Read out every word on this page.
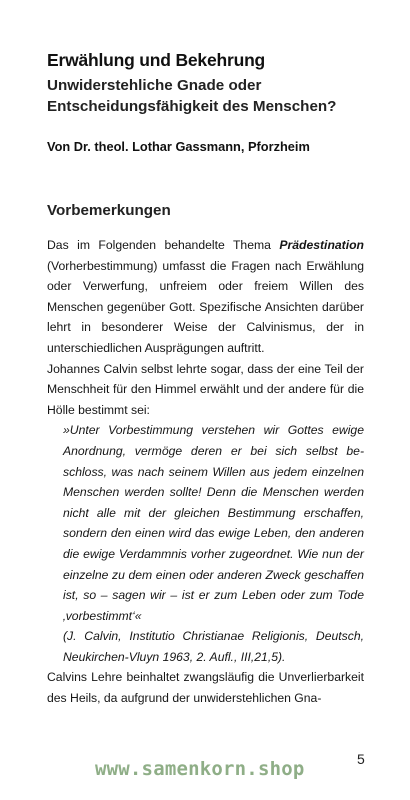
Erwählung und Bekehrung
Unwiderstehliche Gnade oder Entscheidungsfähigkeit des Menschen?

Von Dr. theol. Lothar Gassmann, Pforzheim

Vorbemerkungen

Das im Folgenden behandelte Thema Prädestination (Vorherbestimmung) umfasst die Fragen nach Erwählung oder Verwerfung, unfreiem oder freiem Willen des Menschen gegenüber Gott. Spezifische Ansichten darüber lehrt in besonderer Weise der Calvinismus, der in unterschiedlichen Ausprägungen auftritt.

Johannes Calvin selbst lehrte sogar, dass der eine Teil der Menschheit für den Himmel erwählt und der andere für die Hölle bestimmt sei:

»Unter Vorbestimmung verstehen wir Gottes ewige Anordnung, vermöge deren er bei sich selbst beschloss, was nach seinem Willen aus jedem einzelnen Menschen werden sollte! Denn die Menschen werden nicht alle mit der gleichen Bestimmung erschaffen, sondern den einen wird das ewige Leben, den anderen die ewige Verdammnis vorher zugeordnet. Wie nun der einzelne zu dem einen oder anderen Zweck geschaffen ist, so – sagen wir – ist er zum Leben oder zum Tode ‚vorbestimmt‘«

(J. Calvin, Institutio Christianae Religionis, Deutsch, Neukirchen-Vluyn 1963, 2. Aufl., III,21,5).

Calvins Lehre beinhaltet zwangsläufig die Unverlierbarkeit des Heils, da aufgrund der unwiderstehlichen Gna-

5

www.samenkorn.shop
